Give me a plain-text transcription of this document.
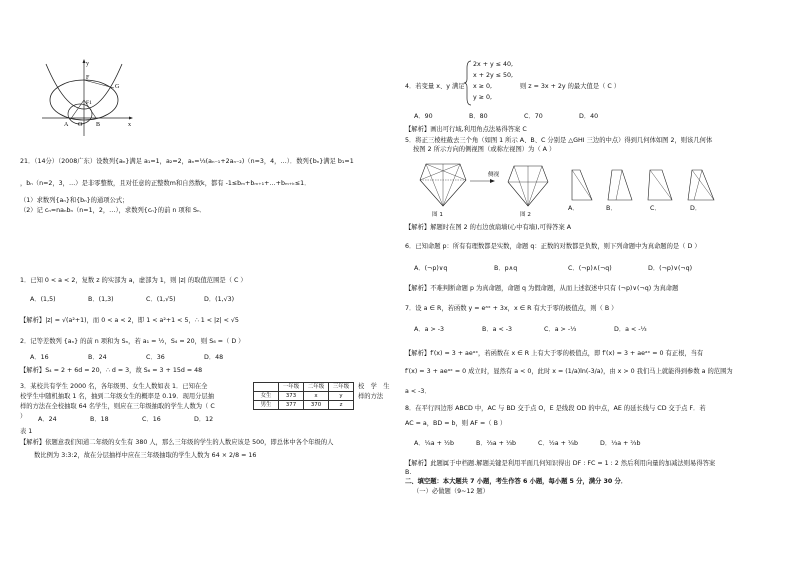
y
F
G
F1
A O B	x
21．（14分）（2008广东）设数列{aₙ}满足 a₁=1，a₂=2，aₙ=⅓(aₙ₋₁+2aₙ₋₂)（n=3，4，…）．数列{bₙ}满足 b₁=1
，bₙ（n=2，3，…）是非零整数，且对任意的正整数m和自然数k，都有 -1≤bₘ+bₘ₊₁+…+bₘ₊ₖ≤1．
（1）求数列{aₙ}和{bₙ}的通项公式；
（2）记 cₙ=naₙbₙ（n=1，2，…），求数列{cₙ}的前 n 项和 Sₙ．
1．已知 0 < a < 2，复数 z 的实部为 a，虚部为 1，则 |z| 的取值范围是（ C ）
A．(1,5)	B．(1,3)	C．(1,√5)	D．(1,√3)
【解析】|z| = √(a²+1)，而 0 < a < 2，即 1 < a²+1 < 5，∴ 1 < |z| < √5
2．记等差数列 {aₙ} 的前 n 项和为 Sₙ，若 a₁ = ½，S₄ = 20，则 S₆ =（ D ）
A．16	B．24	C．36	D．48
【解析】S₄ = 2 + 6d = 20，∴ d = 3，故 S₆ = 3 + 15d = 48
3．某校共有学生 2000 名，各年级男、女生人数如表 1．已知在全
校学生中随机抽取 1 名，抽到二年级女生的概率是 0.19．现用分层抽
样的方法在全校抽取 64 名学生，则应在三年级抽取的学生人数为（ C
）
校　学　生
样的方法
	一年级	二年级	三年级
女生	373	x	y
男生	377	370	z
A．24	B．18	C．16	D．12
表 1
【解析】依题意我们知道二年级的女生有 380 人，那么三年级的学生的人数应该是 500，即总体中各个年级的人
数比例为 3:3:2，故在分层抽样中应在三年级抽取的学生人数为 64 × 2/8 = 16
4．若变量 x、y 满足
2x + y ≤ 40,
x + 2y ≤ 50,
x ≥ 0,
y ≥ 0,
则 z = 3x + 2y 的最大值是（ C ）
A．90	B．80	C．70	D．40
【解析】画出可行域,利用角点法易得答案 C
5．将正三棱柱截去三个角（如图 1 所示 A、B、C 分别是 △GHI 三边的中点）得到几何体如图 2，则该几何体
按图 2 所示方向的侧视图（或称左视图）为（ A ）
侧视
图 1	图 2
A．	B．	C．	D．
【解析】解题时在图 2 的右边放扇墙(心中有墙),可得答案 A
6．已知命题 p：所有有理数都是实数，命题 q：正数的对数都是负数，则下列命题中为真命题的是（ D ）
A．(¬p)∨q	B．p∧q	C．(¬p)∧(¬q)	D．(¬p)∨(¬q)
【解析】不难判断命题 p 为真命题，命题 q 为假命题，从而上述叙述中只有 (¬p)∨(¬q) 为真命题
7．设 a ∈ R，若函数 y = eᵃˣ + 3x，x ∈ R 有大于零的极值点，则（ B ）
A．a > -3	B．a < -3	C．a > -⅓	D．a < -⅓
【解析】f′(x) = 3 + aeᵃˣ，若函数在 x ∈ R 上有大于零的极值点，即 f′(x) = 3 + aeᵃˣ = 0 有正根，当有
f′(x) = 3 + aeᵃˣ = 0 成立时，显然有 a < 0，此时 x = (1/a)ln(-3/a)，由 x > 0 我们马上就能得到参数 a 的范围为
a < -3．
8．在平行四边形 ABCD 中，AC 与 BD 交于点 O，E 是线段 OD 的中点，AE 的延长线与 CD 交于点 F．若
AC = a，BD = b，则 AF =（ B ）
A．¼a + ½b	B．⅔a + ⅓b	C．½a + ¼b	D．⅓a + ⅔b
【解析】此题属于中档题.解题关键是利用平面几何知识得出 DF : FC = 1 : 2 然后利用向量的加减法则易得答案
B.
二、填空题：本大题共 7 小题，考生作答 6 小题，每小题 5 分，满分 30 分．
（一）必做题（9~12 题）
